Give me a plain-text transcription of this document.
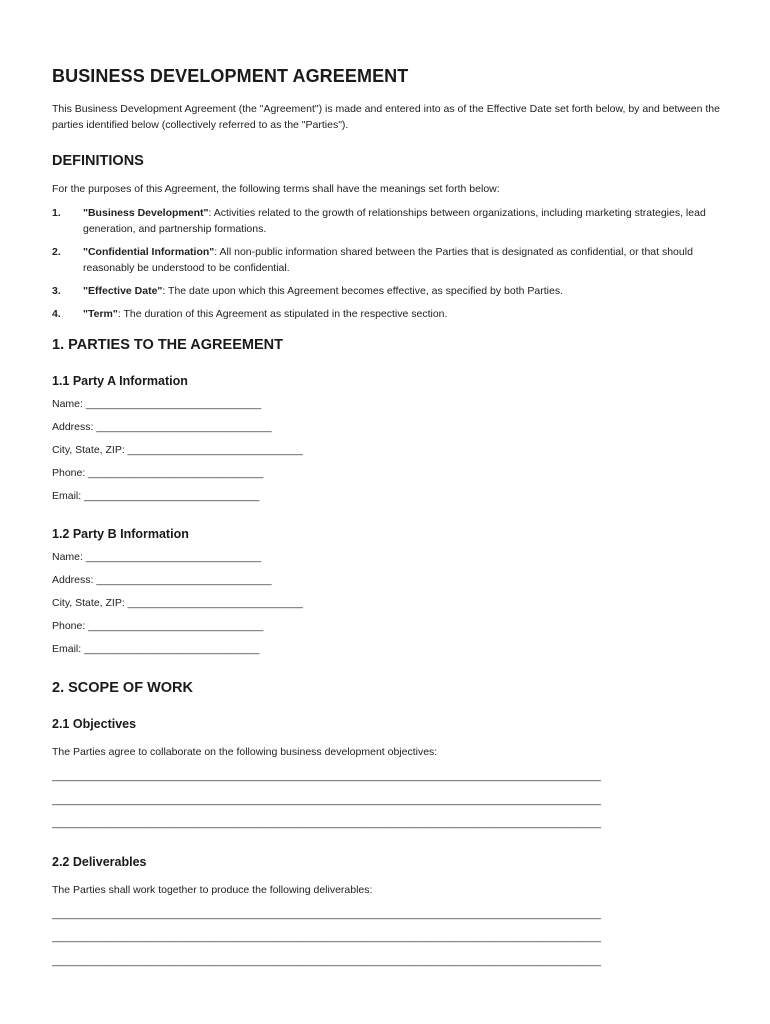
BUSINESS DEVELOPMENT AGREEMENT

This Business Development Agreement (the "Agreement") is made and entered into as of the Effective Date set forth below, by and between the parties identified below (collectively referred to as the "Parties").

DEFINITIONS

For the purposes of this Agreement, the following terms shall have the meanings set forth below:

1.	"Business Development": Activities related to the growth of relationships between organizations, including marketing strategies, lead generation, and partnership formations.
2.	"Confidential Information": All non-public information shared between the Parties that is designated as confidential, or that should reasonably be understood to be confidential.
3.	"Effective Date": The date upon which this Agreement becomes effective, as specified by both Parties.
4.	"Term": The duration of this Agreement as stipulated in the respective section.
1. PARTIES TO THE AGREEMENT
1.1 Party A Information
Name: ______________________________
Address: ______________________________
City, State, ZIP: ______________________________
Phone: ______________________________
Email: ______________________________
1.2 Party B Information
Name: ______________________________
Address: ______________________________
City, State, ZIP: ______________________________
Phone: ______________________________
Email: ______________________________
2. SCOPE OF WORK
2.1 Objectives

The Parties agree to collaborate on the following business development objectives:

______________________________________________________________________________________________
______________________________________________________________________________________________
______________________________________________________________________________________________
2.2 Deliverables

The Parties shall work together to produce the following deliverables:

______________________________________________________________________________________________
______________________________________________________________________________________________
______________________________________________________________________________________________
